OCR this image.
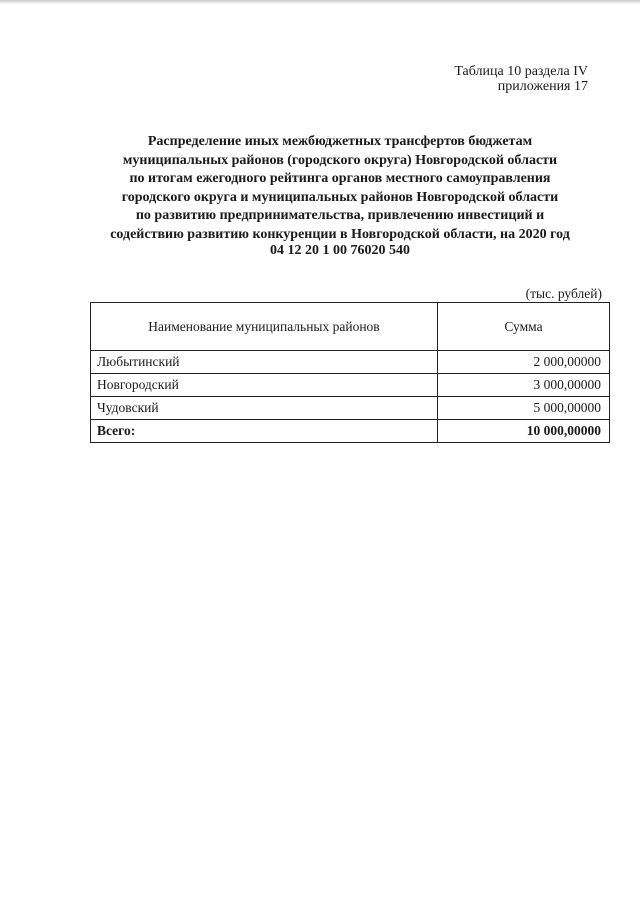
Таблица 10 раздела IV
приложения 17
Распределение иных межбюджетных трансфертов бюджетам
муниципальных районов (городского округа) Новгородской области
по итогам ежегодного рейтинга органов местного самоуправления
городского округа и муниципальных районов Новгородской области
по развитию предпринимательства, привлечению инвестиций и
содействию развитию конкуренции в Новгородской области, на 2020 год
04 12 20 1 00 76020 540
(тыс. рублей)
Наименование муниципальных районов	Сумма
Любытинский	2 000,00000
Новгородский	3 000,00000
Чудовский	5 000,00000
Всего:	10 000,00000
